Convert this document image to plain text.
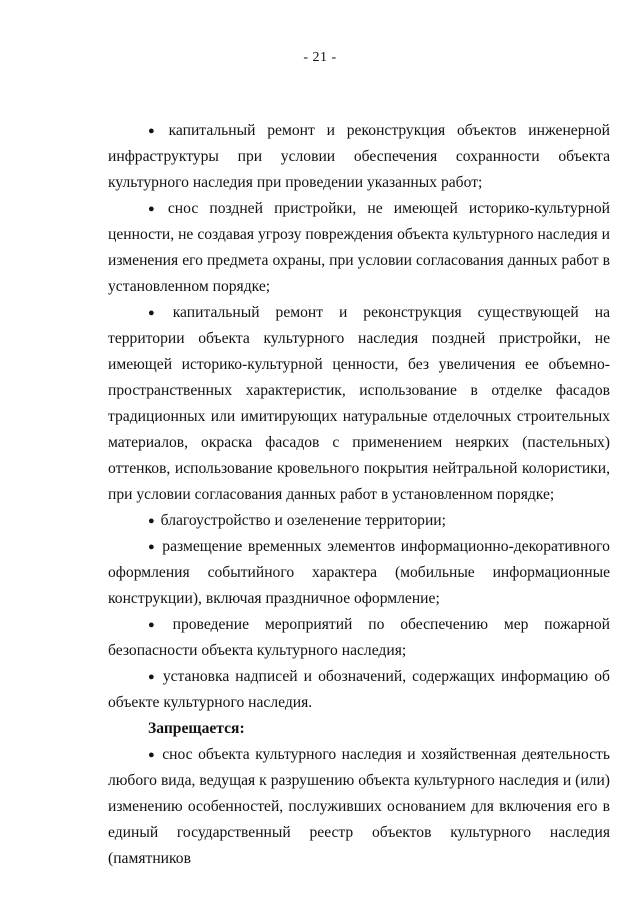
- 21 -

● капитальный ремонт и реконструкция объектов инженерной инфраструктуры при условии обеспечения сохранности объекта культурного наследия при проведении указанных работ;

● снос поздней пристройки, не имеющей историко-культурной ценности, не создавая угрозу повреждения объекта культурного наследия и изменения его предмета охраны, при условии согласования данных работ в установленном порядке;

● капитальный ремонт и реконструкция существующей на территории объекта культурного наследия поздней пристройки, не имеющей историко-культурной ценности, без увеличения ее объемно-пространственных характеристик, использование в отделке фасадов традиционных или имитирующих натуральные отделочных строительных материалов, окраска фасадов с применением неярких (пастельных) оттенков, использование кровельного покрытия нейтральной колористики, при условии согласования данных работ в установленном порядке;

● благоустройство и озеленение территории;

● размещение временных элементов информационно-декоративного оформления событийного характера (мобильные информационные конструкции), включая праздничное оформление;

● проведение мероприятий по обеспечению мер пожарной безопасности объекта культурного наследия;

● установка надписей и обозначений, содержащих информацию об объекте культурного наследия.

Запрещается:

● снос объекта культурного наследия и хозяйственная деятельность любого вида, ведущая к разрушению объекта культурного наследия и (или) изменению особенностей, послуживших основанием для включения его в единый государственный реестр объектов культурного наследия (памятников
